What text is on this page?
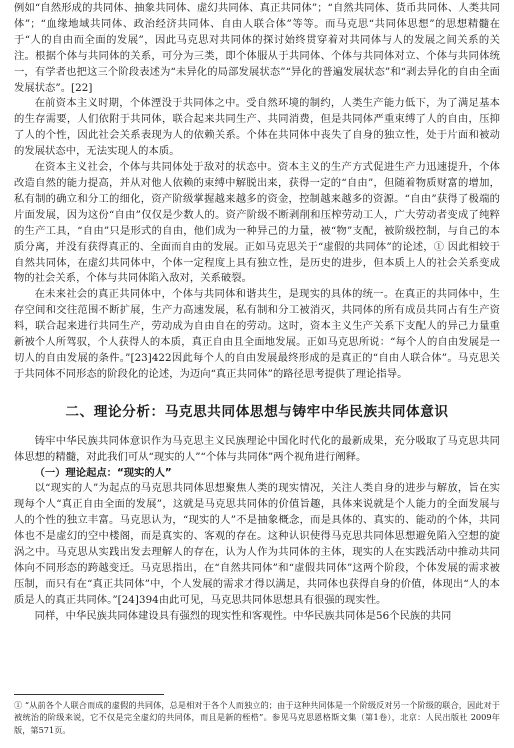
例如“自然形成的共同体、抽象共同体、虚幻共同体、真正共同体”；“自然共同体、货币共同体、人类共同体”；“血缘地域共同体、政治经济共同体、自由人联合体”等等。而马克思“共同体思想”的思想精髓在于“人的自由而全面的发展”，因此马克思对共同体的探讨始终贯穿着对共同体与人的发展之间关系的关注。根据个体与共同体的关系，可分为三类，即个体服从于共同体、个体与共同体对立、个体与共同体统一，有学者也把这三个阶段表述为“未异化的局部发展状态”“异化的普遍发展状态”和“剥去异化的自由全面发展状态”。[22]

在前资本主义时期，个体湮没于共同体之中。受自然环境的制约，人类生产能力低下，为了满足基本的生存需要，人们依附于共同体，联合起来共同生产、共同消费，但是共同体严重束缚了人的自由，压抑了人的个性，因此社会关系表现为人的依赖关系。个体在共同体中丧失了自身的独立性，处于片面和被动的发展状态中，无法实现人的本质。

在资本主义社会，个体与共同体处于敌对的状态中。资本主义的生产方式促进生产力迅速提升，个体改造自然的能力提高，并从对他人依赖的束缚中解脱出来，获得一定的“自由”，但随着物质财富的增加，私有制的确立和分工的细化，资产阶级掌握越来越多的资金，控制越来越多的资源。“自由”获得了极端的片面发展，因为这份“自由”仅仅是少数人的。资产阶级不断剥削和压榨劳动工人，广大劳动者变成了纯粹的生产工具，“自由”只是形式的自由，他们成为一种异己的力量，被“物”支配，被阶级控制，与自己的本质分离，并没有获得真正的、全面而自由的发展。正如马克思关于“虚假的共同体”的论述，① 因此相较于自然共同体，在虚幻共同体中，个体一定程度上具有独立性，是历史的进步，但本质上人的社会关系变成物的社会关系，个体与共同体陷入敌对，关系破裂。

在未来社会的真正共同体中，个体与共同体和谐共生，是现实的具体的统一。在真正的共同体中，生存空间和交往范围不断扩展，生产力高速发展，私有制和分工被消灭，共同体的所有成员共同占有生产资料，联合起来进行共同生产，劳动成为自由自在的劳动。这时，资本主义生产关系下支配人的异己力量重新被个人所驾驭，个人获得人的本质，真正自由且全面地发展。正如马克思所说：“每个人的自由发展是一切人的自由发展的条件。”[23]422因此每个人的自由发展最终形成的是真正的“自由人联合体”。马克思关于共同体不同形态的阶段化的论述，为迈向“真正共同体”的路径思考提供了理论指导。

二、理论分析：马克思共同体思想与铸牢中华民族共同体意识

铸牢中华民族共同体意识作为马克思主义民族理论中国化时代化的最新成果，充分吸取了马克思共同体思想的精髓，对此我们可从“现实的人”“个体与共同体”两个视角进行阐释。

（一）理论起点：“现实的人”

以“现实的人”为起点的马克思共同体思想聚焦人类的现实情况，关注人类自身的进步与解放，旨在实现每个人“真正自由全面的发展”，这就是马克思共同体的价值旨趣，具体来说就是个人能力的全面发展与人的个性的独立丰富。马克思认为，“现实的人”不是抽象概念，而是具体的、真实的、能动的个体，共同体也不是虚幻的空中楼阁，而是真实的、客观的存在。这种认识使得马克思共同体思想避免陷入空想的旋涡之中。马克思从实践出发去理解人的存在，认为人作为共同体的主体，现实的人在实践活动中推动共同体向不同形态的跨越变迁。马克思指出，在“自然共同体”和“虚假共同体”这两个阶段，个体发展的需求被压制，而只有在“真正共同体”中，个人发展的需求才得以满足，共同体也获得自身的价值，体现出“人的本质是人的真正共同体。”[24]394由此可见，马克思共同体思想具有很强的现实性。

同样，中华民族共同体建设具有强烈的现实性和客观性。中华民族共同体是56个民族的共同

① “从前各个人联合而成的虚假的共同体，总是相对于各个人而独立的；由于这种共同体是一个阶级反对另一个阶级的联合，因此对于被统治的阶级来说，它不仅是完全虚幻的共同体，而且是新的桎梏”。参见马克思恩格斯文集（第1卷），北京：人民出版社 2009年版，第571页。
